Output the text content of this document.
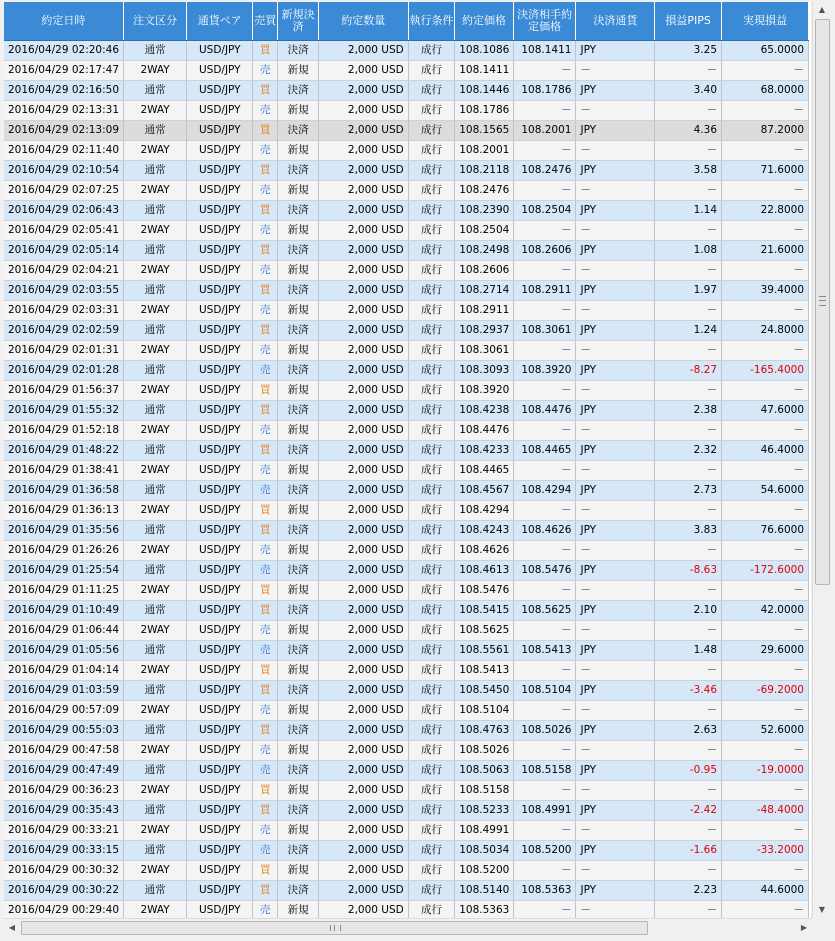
約定日時	注文区分	通貨ペア	売買	新規決済	約定数量	執行条件	約定価格	決済相手約定価格	決済通貨	損益PIPS	実現損益
2016/04/29 02:20:46	通常	USD/JPY	買	決済	2,000 USD	成行	108.1086	108.1411	JPY	3.25	65.0000
2016/04/29 02:17:47	2WAY	USD/JPY	売	新規	2,000 USD	成行	108.1411	－	－	－	－
2016/04/29 02:16:50	通常	USD/JPY	買	決済	2,000 USD	成行	108.1446	108.1786	JPY	3.40	68.0000
2016/04/29 02:13:31	2WAY	USD/JPY	売	新規	2,000 USD	成行	108.1786	－	－	－	－
2016/04/29 02:13:09	通常	USD/JPY	買	決済	2,000 USD	成行	108.1565	108.2001	JPY	4.36	87.2000
2016/04/29 02:11:40	2WAY	USD/JPY	売	新規	2,000 USD	成行	108.2001	－	－	－	－
2016/04/29 02:10:54	通常	USD/JPY	買	決済	2,000 USD	成行	108.2118	108.2476	JPY	3.58	71.6000
2016/04/29 02:07:25	2WAY	USD/JPY	売	新規	2,000 USD	成行	108.2476	－	－	－	－
2016/04/29 02:06:43	通常	USD/JPY	買	決済	2,000 USD	成行	108.2390	108.2504	JPY	1.14	22.8000
2016/04/29 02:05:41	2WAY	USD/JPY	売	新規	2,000 USD	成行	108.2504	－	－	－	－
2016/04/29 02:05:14	通常	USD/JPY	買	決済	2,000 USD	成行	108.2498	108.2606	JPY	1.08	21.6000
2016/04/29 02:04:21	2WAY	USD/JPY	売	新規	2,000 USD	成行	108.2606	－	－	－	－
2016/04/29 02:03:55	通常	USD/JPY	買	決済	2,000 USD	成行	108.2714	108.2911	JPY	1.97	39.4000
2016/04/29 02:03:31	2WAY	USD/JPY	売	新規	2,000 USD	成行	108.2911	－	－	－	－
2016/04/29 02:02:59	通常	USD/JPY	買	決済	2,000 USD	成行	108.2937	108.3061	JPY	1.24	24.8000
2016/04/29 02:01:31	2WAY	USD/JPY	売	新規	2,000 USD	成行	108.3061	－	－	－	－
2016/04/29 02:01:28	通常	USD/JPY	売	決済	2,000 USD	成行	108.3093	108.3920	JPY	-8.27	-165.4000
2016/04/29 01:56:37	2WAY	USD/JPY	買	新規	2,000 USD	成行	108.3920	－	－	－	－
2016/04/29 01:55:32	通常	USD/JPY	買	決済	2,000 USD	成行	108.4238	108.4476	JPY	2.38	47.6000
2016/04/29 01:52:18	2WAY	USD/JPY	売	新規	2,000 USD	成行	108.4476	－	－	－	－
2016/04/29 01:48:22	通常	USD/JPY	買	決済	2,000 USD	成行	108.4233	108.4465	JPY	2.32	46.4000
2016/04/29 01:38:41	2WAY	USD/JPY	売	新規	2,000 USD	成行	108.4465	－	－	－	－
2016/04/29 01:36:58	通常	USD/JPY	売	決済	2,000 USD	成行	108.4567	108.4294	JPY	2.73	54.6000
2016/04/29 01:36:13	2WAY	USD/JPY	買	新規	2,000 USD	成行	108.4294	－	－	－	－
2016/04/29 01:35:56	通常	USD/JPY	買	決済	2,000 USD	成行	108.4243	108.4626	JPY	3.83	76.6000
2016/04/29 01:26:26	2WAY	USD/JPY	売	新規	2,000 USD	成行	108.4626	－	－	－	－
2016/04/29 01:25:54	通常	USD/JPY	売	決済	2,000 USD	成行	108.4613	108.5476	JPY	-8.63	-172.6000
2016/04/29 01:11:25	2WAY	USD/JPY	買	新規	2,000 USD	成行	108.5476	－	－	－	－
2016/04/29 01:10:49	通常	USD/JPY	買	決済	2,000 USD	成行	108.5415	108.5625	JPY	2.10	42.0000
2016/04/29 01:06:44	2WAY	USD/JPY	売	新規	2,000 USD	成行	108.5625	－	－	－	－
2016/04/29 01:05:56	通常	USD/JPY	売	決済	2,000 USD	成行	108.5561	108.5413	JPY	1.48	29.6000
2016/04/29 01:04:14	2WAY	USD/JPY	買	新規	2,000 USD	成行	108.5413	－	－	－	－
2016/04/29 01:03:59	通常	USD/JPY	買	決済	2,000 USD	成行	108.5450	108.5104	JPY	-3.46	-69.2000
2016/04/29 00:57:09	2WAY	USD/JPY	売	新規	2,000 USD	成行	108.5104	－	－	－	－
2016/04/29 00:55:03	通常	USD/JPY	買	決済	2,000 USD	成行	108.4763	108.5026	JPY	2.63	52.6000
2016/04/29 00:47:58	2WAY	USD/JPY	売	新規	2,000 USD	成行	108.5026	－	－	－	－
2016/04/29 00:47:49	通常	USD/JPY	売	決済	2,000 USD	成行	108.5063	108.5158	JPY	-0.95	-19.0000
2016/04/29 00:36:23	2WAY	USD/JPY	買	新規	2,000 USD	成行	108.5158	－	－	－	－
2016/04/29 00:35:43	通常	USD/JPY	買	決済	2,000 USD	成行	108.5233	108.4991	JPY	-2.42	-48.4000
2016/04/29 00:33:21	2WAY	USD/JPY	売	新規	2,000 USD	成行	108.4991	－	－	－	－
2016/04/29 00:33:15	通常	USD/JPY	売	決済	2,000 USD	成行	108.5034	108.5200	JPY	-1.66	-33.2000
2016/04/29 00:30:32	2WAY	USD/JPY	買	新規	2,000 USD	成行	108.5200	－	－	－	－
2016/04/29 00:30:22	通常	USD/JPY	買	決済	2,000 USD	成行	108.5140	108.5363	JPY	2.23	44.6000
2016/04/29 00:29:40	2WAY	USD/JPY	売	新規	2,000 USD	成行	108.5363	－	－	－	－
▲
▼
◀	▶
